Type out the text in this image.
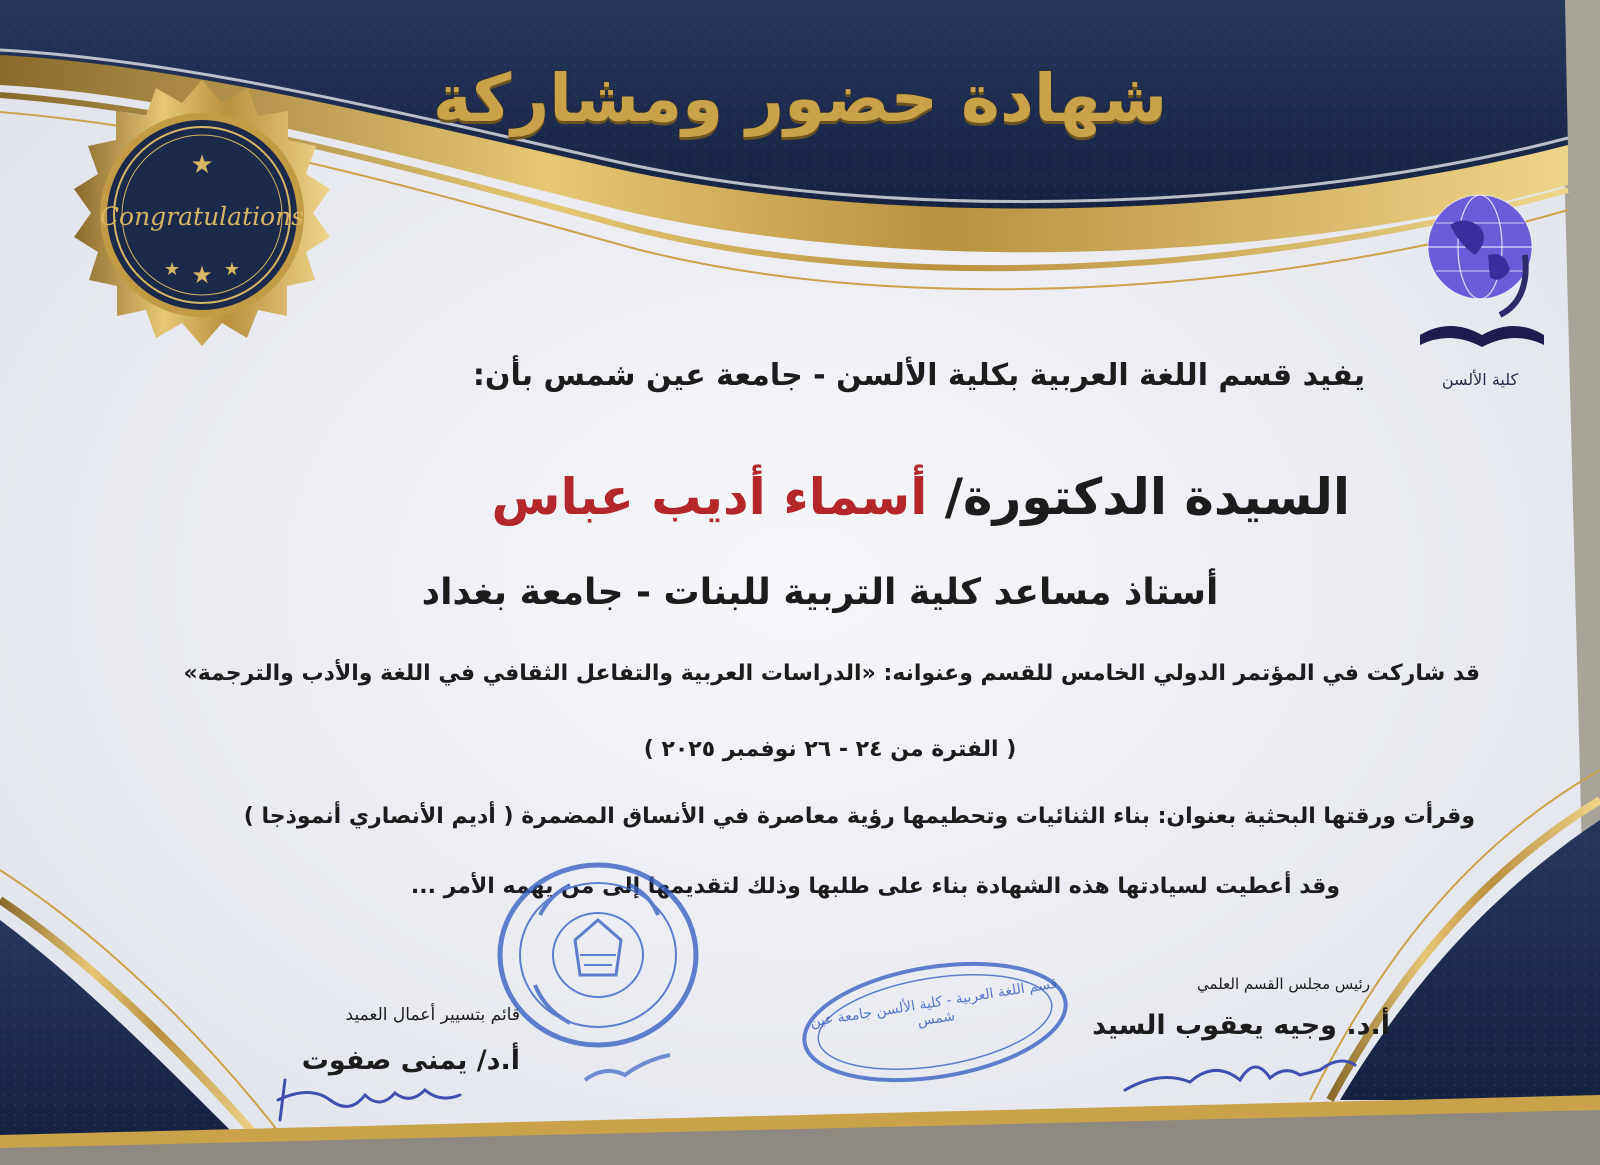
★
★ ★ ★
Congratulations
كلية الألسن
شهادة حضور ومشاركة
يفيد قسم اللغة العربية بكلية الألسن - جامعة عين شمس بأن:
السيدة الدكتورة/ أسماء أديب عباس
أستاذ مساعد كلية التربية للبنات - جامعة بغداد
قد شاركت في المؤتمر الدولي الخامس للقسم وعنوانه: «الدراسات العربية والتفاعل الثقافي في اللغة والأدب والترجمة»
( الفترة من ٢٤ - ٢٦ نوفمبر ٢٠٢٥ )
وقرأت ورقتها البحثية بعنوان: بناء الثنائيات وتحطيمها رؤية معاصرة في الأنساق المضمرة ( أديم الأنصاري أنموذجا )
وقد أعطيت لسيادتها هذه الشهادة بناء على طلبها وذلك لتقديمها إلى من يهمه الأمر ...
قسم اللغة العربية - كلية الألسن جامعة عين شمس
رئيس مجلس القسم العلمي
أ.د. وجيه يعقوب السيد
قائم بتسيير أعمال العميد
أ.د/ يمنى صفوت
